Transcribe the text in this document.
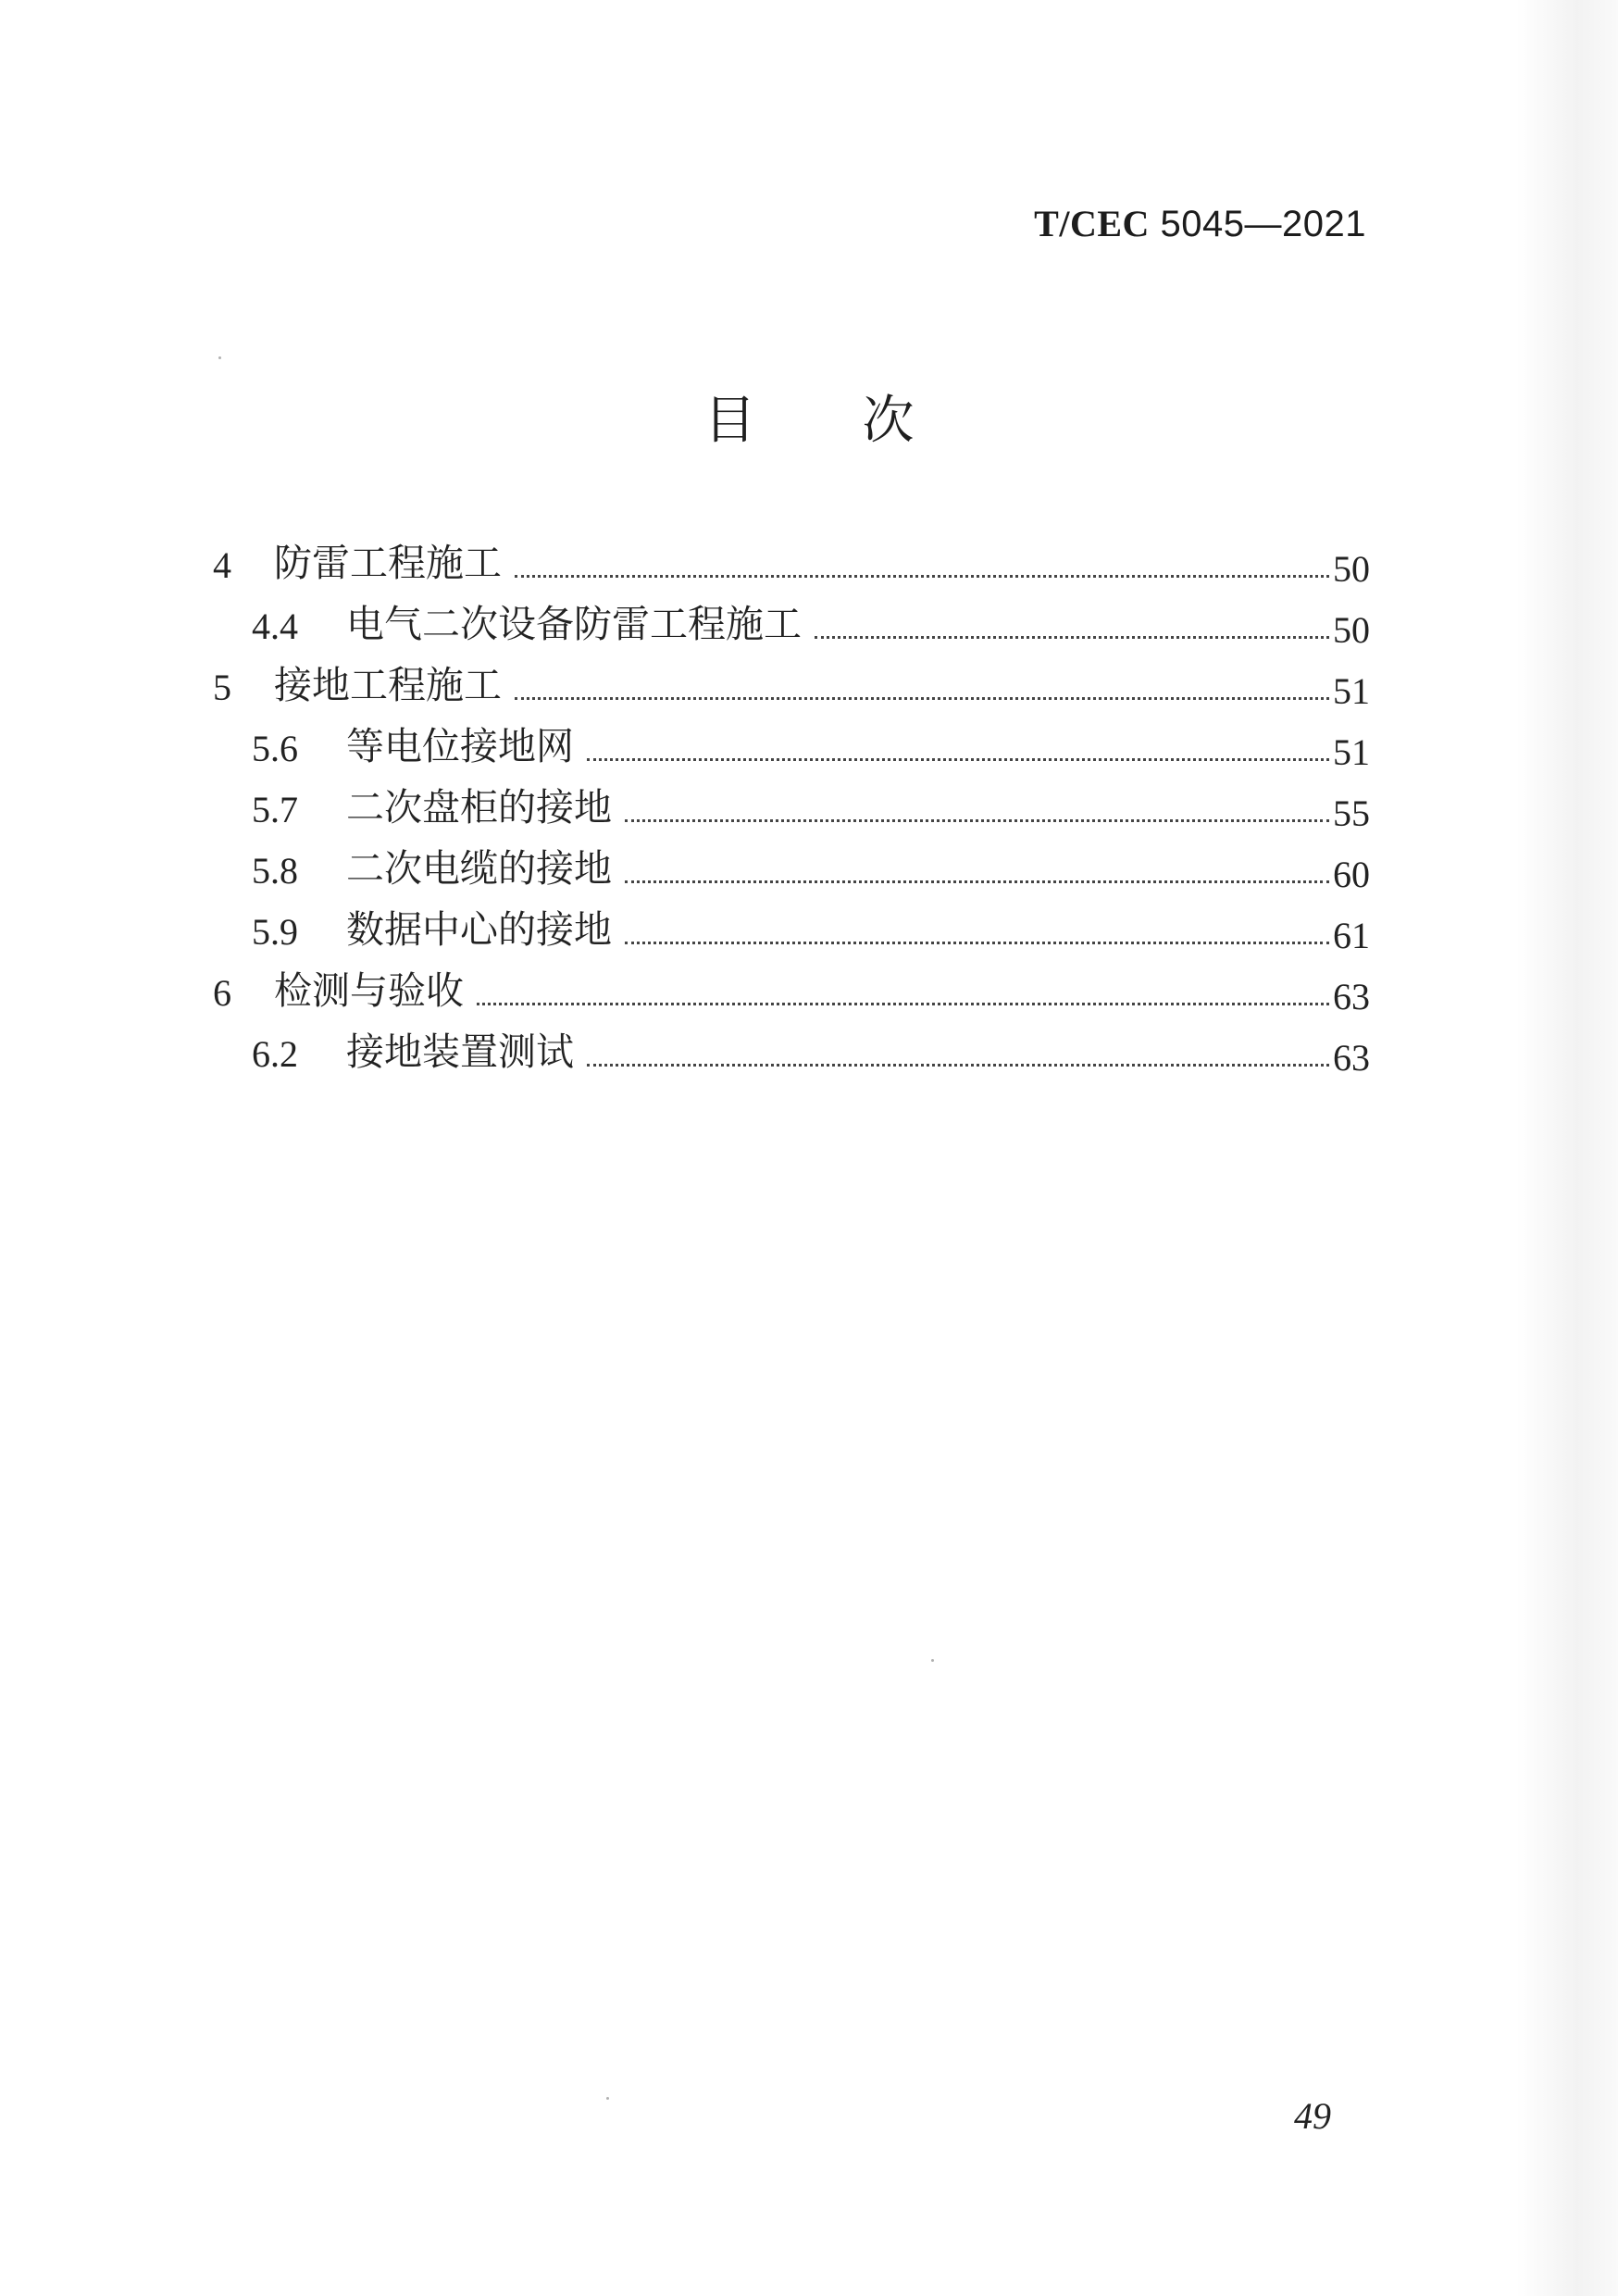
T/CEC 5045—2021
目 次
4 防雷工程施工	50
4.4 电气二次设备防雷工程施工	50
5 接地工程施工	51
5.6 等电位接地网	51
5.7 二次盘柜的接地	55
5.8 二次电缆的接地	60
5.9 数据中心的接地	61
6 检测与验收	63
6.2 接地装置测试	63
49
